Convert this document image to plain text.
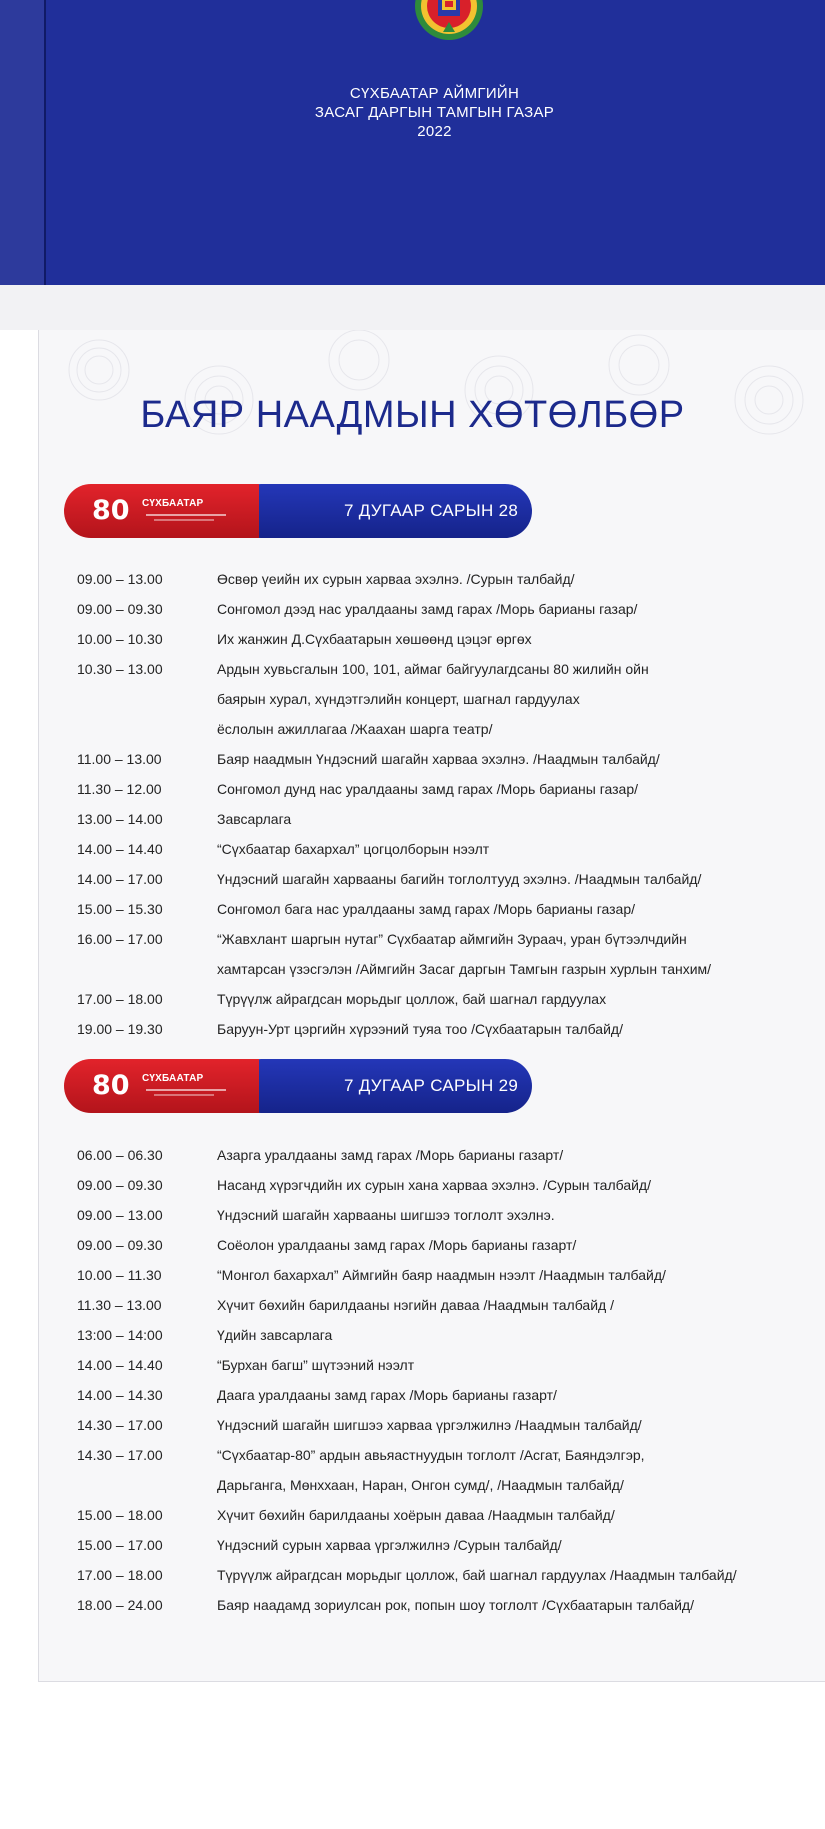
СҮХБААТАР АЙМГИЙН
ЗАСАГ ДАРГЫН ТАМГЫН ГАЗАР
2022
БАЯР НААДМЫН ХӨТӨЛБӨР
7 ДУГААР САРЫН 28
80	СҮХБААТАР
09.00 – 13.00	Өсвөр үеийн их сурын харваа эхэлнэ. /Сурын талбайд/
09.00 – 09.30	Сонгомол дээд нас уралдааны замд гарах /Морь барианы газар/
10.00 – 10.30	Их жанжин Д.Сүхбаатарын хөшөөнд цэцэг өргөх
10.30 – 13.00	Ардын хувьсгалын 100, 101, аймаг байгуулагдсаны 80 жилийн ойн
баярын хурал, хүндэтгэлийн концерт, шагнал гардуулах
ёслолын ажиллагаа /Жаахан шарга театр/
11.00 – 13.00	Баяр наадмын Үндэсний шагайн харваа эхэлнэ. /Наадмын талбайд/
11.30 – 12.00	Сонгомол дунд нас уралдааны замд гарах /Морь барианы газар/
13.00 – 14.00	Завсарлага
14.00 – 14.40	“Сүхбаатар бахархал” цогцолборын нээлт
14.00 – 17.00	Үндэсний шагайн харвааны багийн тоглолтууд эхэлнэ. /Наадмын талбайд/
15.00 – 15.30	Сонгомол бага нас уралдааны замд гарах /Морь барианы газар/
16.00 – 17.00	“Жавхлант шаргын нутаг” Сүхбаатар аймгийн Зураач, уран бүтээлчдийн
хамтарсан үзэсгэлэн /Аймгийн Засаг даргын Тамгын газрын хурлын танхим/
17.00 – 18.00	Түрүүлж айрагдсан морьдыг цоллож, бай шагнал гардуулах
19.00 – 19.30	Баруун-Урт цэргийн хүрээний туяа тоо /Сүхбаатарын талбайд/
7 ДУГААР САРЫН 29
80	СҮХБААТАР
06.00 – 06.30	Азарга уралдааны замд гарах /Морь барианы газарт/
09.00 – 09.30	Насанд хүрэгчдийн их сурын хана харваа эхэлнэ. /Сурын талбайд/
09.00 – 13.00	Үндэсний шагайн харвааны шигшээ тоглолт эхэлнэ.
09.00 – 09.30	Соёолон уралдааны замд гарах /Морь барианы газарт/
10.00 – 11.30	“Монгол бахархал” Аймгийн баяр наадмын нээлт /Наадмын талбайд/
11.30 – 13.00	Хүчит бөхийн барилдааны нэгийн даваа /Наадмын талбайд /
13:00 – 14:00	Үдийн завсарлага
14.00 – 14.40	“Бурхан багш” шүтээний нээлт
14.00 – 14.30	Даага уралдааны замд гарах /Морь барианы газарт/
14.30 – 17.00	Үндэсний шагайн шигшээ харваа үргэлжилнэ /Наадмын талбайд/
14.30 – 17.00	“Сүхбаатар-80” ардын авьяастнуудын тоглолт /Асгат, Баяндэлгэр,
Дарьганга, Мөнххаан, Наран, Онгон сумд/, /Наадмын талбайд/
15.00 – 18.00	Хүчит бөхийн барилдааны хоёрын даваа /Наадмын талбайд/
15.00 – 17.00	Үндэсний сурын харваа үргэлжилнэ /Сурын талбайд/
17.00 – 18.00	Түрүүлж айрагдсан морьдыг цоллож, бай шагнал гардуулах /Наадмын талбайд/
18.00 – 24.00	Баяр наадамд зориулсан рок, попын шоу тоглолт /Сүхбаатарын талбайд/
